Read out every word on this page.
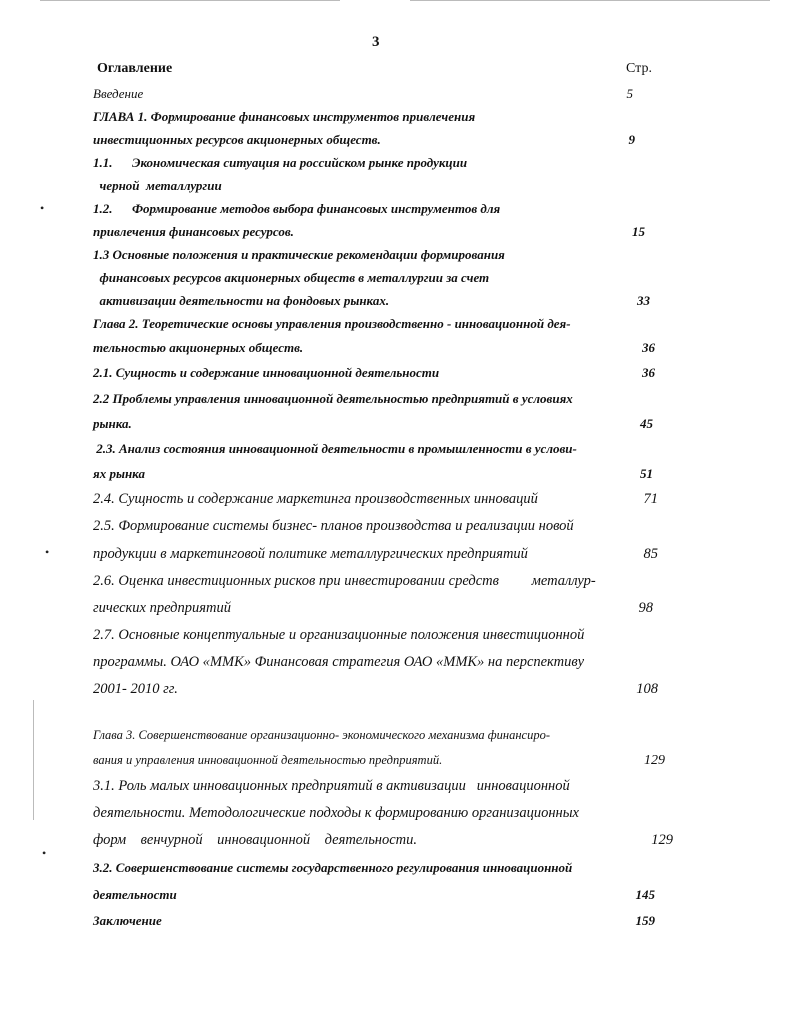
•
•
•
3
Оглавление	Стр.
Введение	5
ГЛАВА 1. Формирование финансовых инструментов привлечения
инвестиционных ресурсов акционерных обществ.	9
1.1.      Экономическая ситуация на российском рынке продукции
черной  металлургии
1.2.      Формирование методов выбора финансовых инструментов для
привлечения финансовых ресурсов.	15
1.3 Основные положения и практические рекомендации формирования
финансовых ресурсов акционерных обществ в металлургии за счет
активизации деятельности на фондовых рынках.	33
Глава 2. Теоретические основы управления производственно - инновационной дея-
тельностью акционерных обществ.	36
2.1. Сущность и содержание инновационной деятельности	36
2.2 Проблемы управления инновационной деятельностью предприятий в условиях
рынка.	45
2.3. Анализ состояния инновационной деятельности в промышленности в услови-
ях рынка	51
2.4. Сущность и содержание маркетинга производственных инноваций	71
2.5. Формирование системы бизнес- планов производства и реализации новой
продукции в маркетинговой политике металлургических предприятий	85
2.6. Оценка инвестиционных рисков при инвестировании средств         металлур-
гических предприятий	98
2.7. Основные концептуальные и организационные положения инвестиционной
программы. ОАО «ММК» Финансовая стратегия ОАО «ММК» на перспективу
2001- 2010 гг.	108
Глава 3. Совершенствование организационно- экономического механизма финансиро-
вания и управления инновационной деятельностью предприятий.	129
3.1. Роль малых инновационных предприятий в активизации   инновационной
деятельности. Методологические подходы к формированию организационных
форм    венчурной    инновационной    деятельности.	129
3.2. Совершенствование системы государственного регулирования инновационной
деятельности	145
Заключение	159
